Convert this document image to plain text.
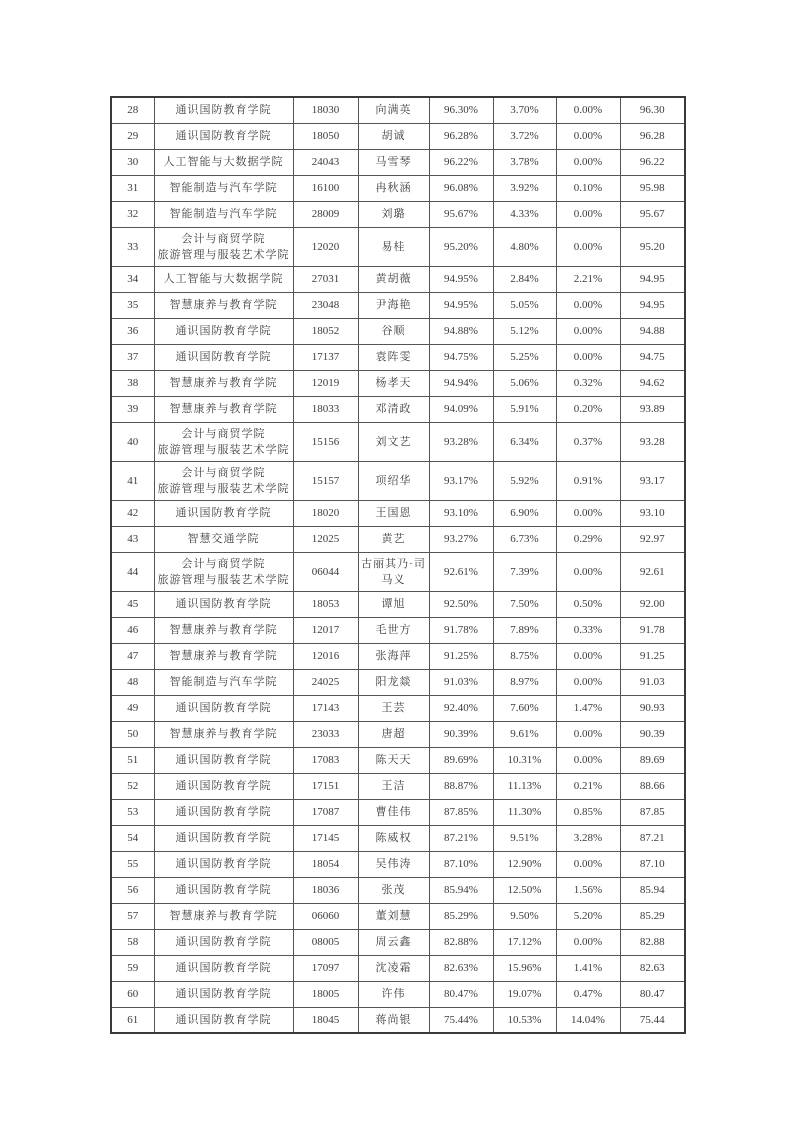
28	通识国防教育学院	18030	向满英	96.30%	3.70%	0.00%	96.30
29	通识国防教育学院	18050	胡诚	96.28%	3.72%	0.00%	96.28
30	人工智能与大数据学院	24043	马雪琴	96.22%	3.78%	0.00%	96.22
31	智能制造与汽车学院	16100	冉秋涵	96.08%	3.92%	0.10%	95.98
32	智能制造与汽车学院	28009	刘璐	95.67%	4.33%	0.00%	95.67
33	会计与商贸学院
旅游管理与服装艺术学院	12020	易桂	95.20%	4.80%	0.00%	95.20
34	人工智能与大数据学院	27031	黄胡薇	94.95%	2.84%	2.21%	94.95
35	智慧康养与教育学院	23048	尹海艳	94.95%	5.05%	0.00%	94.95
36	通识国防教育学院	18052	谷顺	94.88%	5.12%	0.00%	94.88
37	通识国防教育学院	17137	袁阵雯	94.75%	5.25%	0.00%	94.75
38	智慧康养与教育学院	12019	杨孝天	94.94%	5.06%	0.32%	94.62
39	智慧康养与教育学院	18033	邓清政	94.09%	5.91%	0.20%	93.89
40	会计与商贸学院
旅游管理与服装艺术学院	15156	刘文艺	93.28%	6.34%	0.37%	93.28
41	会计与商贸学院
旅游管理与服装艺术学院	15157	项绍华	93.17%	5.92%	0.91%	93.17
42	通识国防教育学院	18020	王国恩	93.10%	6.90%	0.00%	93.10
43	智慧交通学院	12025	黄艺	93.27%	6.73%	0.29%	92.97
44	会计与商贸学院
旅游管理与服装艺术学院	06044	古丽其乃·司马义	92.61%	7.39%	0.00%	92.61
45	通识国防教育学院	18053	谭旭	92.50%	7.50%	0.50%	92.00
46	智慧康养与教育学院	12017	毛世方	91.78%	7.89%	0.33%	91.78
47	智慧康养与教育学院	12016	张海萍	91.25%	8.75%	0.00%	91.25
48	智能制造与汽车学院	24025	阳龙燚	91.03%	8.97%	0.00%	91.03
49	通识国防教育学院	17143	王芸	92.40%	7.60%	1.47%	90.93
50	智慧康养与教育学院	23033	唐超	90.39%	9.61%	0.00%	90.39
51	通识国防教育学院	17083	陈天天	89.69%	10.31%	0.00%	89.69
52	通识国防教育学院	17151	王洁	88.87%	11.13%	0.21%	88.66
53	通识国防教育学院	17087	曹佳伟	87.85%	11.30%	0.85%	87.85
54	通识国防教育学院	17145	陈威权	87.21%	9.51%	3.28%	87.21
55	通识国防教育学院	18054	吴伟涛	87.10%	12.90%	0.00%	87.10
56	通识国防教育学院	18036	张茂	85.94%	12.50%	1.56%	85.94
57	智慧康养与教育学院	06060	董刘慧	85.29%	9.50%	5.20%	85.29
58	通识国防教育学院	08005	周云鑫	82.88%	17.12%	0.00%	82.88
59	通识国防教育学院	17097	沈凌霜	82.63%	15.96%	1.41%	82.63
60	通识国防教育学院	18005	许伟	80.47%	19.07%	0.47%	80.47
61	通识国防教育学院	18045	蒋尚银	75.44%	10.53%	14.04%	75.44
